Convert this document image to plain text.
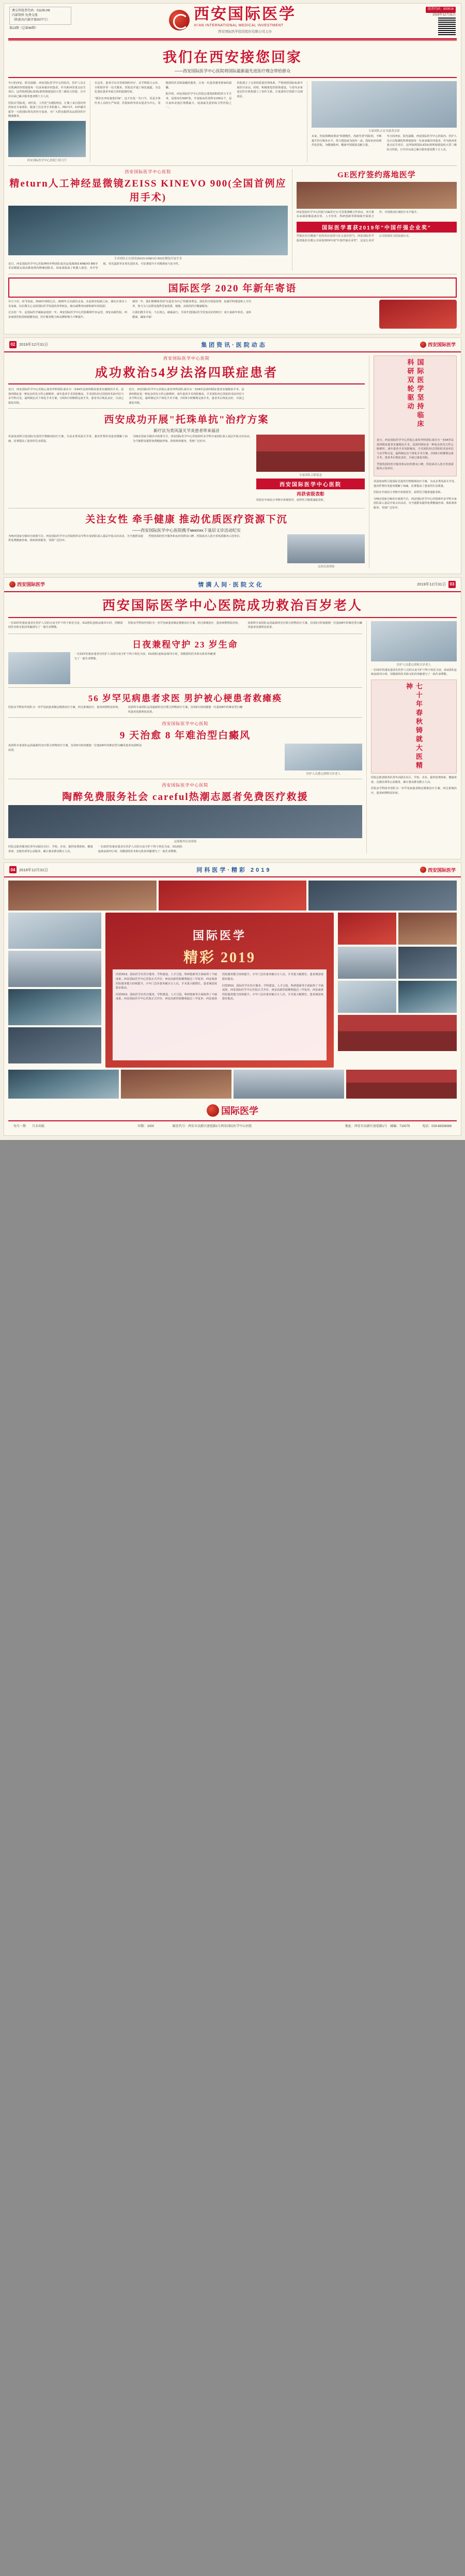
澳交所股票代码：01100.HK
内部资料 免费交流
（陕新出内准字第0077号）
第13期（总第46期）
西安国际医学
XI'AN INTERNATIONAL MEDICAL INVESTMENT
西安国际医学投资股份有限公司主办
股票代码：000516
2019年12月31日
我们在西安接您回家
——西安国际医学中心医院将国际最新最先进医疗理念带给群众

冬日的西安，阳光温暖。西安国际医学中心医院内，医护人员正以饱满的热情迎接每一位前来就诊的患者。作为陕西省重点民生项目，这所按照国际JCI标准规划建设的大型三级综合医院，自开诊以来已累计服务患者数十万人次。

医院以"国际化、现代化、人性化"为建院理念，汇聚了来自国内外的知名专家团队，配备了达芬奇手术机器人、PET-CT、3.0T磁共振等一大批国际领先的医疗设备，为广大群众提供高品质的医疗健康服务。

西安国际医学中心医院门诊大厅

在这里，患者可以享受到预约诊疗、多学科联合会诊、全程陪诊等一站式服务。医院还开通了绿色通道，为急危重症患者争取宝贵的抢救时间。

"我们在西安接您回家"，这不仅是一句口号，更是全体医务人员的庄严承诺。医院始终坚持以患者为中心，用精湛的医术和温暖的服务，让每一位患者感受到家的温馨。

据介绍，西安国际医学中心医院总建筑面积约37万平方米，设置床位5037张，开设临床医技科室100余个，是目前西北地区规模最大、设备最先进的综合性医院之一。

医院建立了完善的质量管理体系，严格按照国际标准开展医疗活动。同时，积极推进医联体建设，与省内多家基层医疗机构建立了协作关系，让优质医疗资源下沉到基层。

专家团队正在为患者会诊

未来，医院将继续秉承"厚德精医、尚新至善"的院训，不断提升医疗服务水平，努力建设成为国内一流、国际知名的现代化医院，为健康陕西、健康中国建设贡献力量。

冬日的西安，阳光温暖。西安国际医学中心医院内，医护人员正以饱满的热情迎接每一位前来就诊的患者。作为陕西省重点民生项目，这所按照国际JCI标准规划建设的大型三级综合医院，自开诊以来已累计服务患者数十万人次。

西安国际医学中心医院
精eturn人工神经显微镜ZEISS KINEVO 900(全国首例应用手术)
手术团队正在使用ZEISS KINEVO 900显微镜开展手术

近日，西安国际医学中心医院神经外科团队成功运用ZEISS KINEVO 900手术显微镜完成高难度颅内肿瘤切除术。该设备集成了机器人视觉、术中导航、荧光造影等多项先进技术，可显著提升手术精准度与安全性。

GE医疗签约落地医学

西安国际医学中心医院与GE医疗正式签署战略合作协议，双方将在高端影像设备应用、人才培养、科研创新等领域展开深度合作，共同推动区域医疗水平提升。

国际医学喜获2019年"中国仟强企业奖"

凭借在医疗健康产业的突出表现与社会责任担当，西安国际医学投资股份有限公司荣获2019年度"中国仟强企业奖"，这是行业对公司发展实力的高度认可。

国际医学 2020 年新年寄语

岁月不居，时节如流。2019年即将过去，2020年正向我们走来。在此辞旧迎新之际，谨向全体员工及家属、向长期关心支持国际医学发展的各界朋友，致以诚挚的问候和新年的祝福！

过去的一年，是国际医学砥砺奋进的一年。西安国际医学中心医院顺利开诊运营，西安高新医院、西安商洛医院持续稳健发展，医疗服务能力和品牌影响力不断提升。

新的一年，我们将继续坚持"以患者为中心"的服务理念，深化医疗质量管理，加强学科建设和人才培养，努力为人民群众提供更加优质、便捷、高效的医疗健康服务。

让我们携手并肩，不忘初心，砥砺前行，共同开创国际医学更加美好的明天！祝大家新年快乐，身体健康，阖家幸福！

02	2019年12月31日	集团资讯·医院动态	西安国际医学
西安国际医学中心医院
成功救治54岁法洛四联症患者

近日，西安国际医学中心医院心血管外科团队成功为一名54岁法洛四联症患者实施根治手术。法洛四联症是一种复杂的先天性心脏畸形，成年患者手术风险极高。手术团队经过周密的术前评估与多学科讨论，最终制定出个体化手术方案，历时6小时顺利完成手术。患者术后恢复良好，目前已康复出院。

近日，西安国际医学中心医院心血管外科团队成功为一名54岁法洛四联症患者实施根治手术。法洛四联症是一种复杂的先天性心脏畸形，成年患者手术风险极高。手术团队经过周密的术前评估与多学科讨论，最终制定出个体化手术方案，历时6小时顺利完成手术。患者术后恢复良好，目前已康复出院。

西安成功开展"托珠单抗"治疗方案
新疗法为类风湿关节炎患者带来福音

风湿免疫科引进国际先进的生物制剂治疗方案，为众多类风湿关节炎、强直性脊柱炎患者缓解了病痛，显著提高了患者的生活质量。

为响应国家分级诊疗政策号召，西安国际医学中心医院组织多学科专家团队深入基层开展义诊活动，为当地群众提供免费健康咨询、体检筛查服务，受到广泛好评。

专家团队合影留念
西安国际医学中心医院
再获省级表彰

医院在年度综合考核中表现优异，获得省卫健委通报表彰。

关注女性 牵手健康 推动优质医疗资源下沉
——西安国际医学中心医院携手многих下基层义诊活动纪实

为响应国家分级诊疗政策号召，西安国际医学中心医院组织多学科专家团队深入基层开展义诊活动，为当地群众提供免费健康咨询、体检筛查服务，受到广泛好评。

凭借优质的医疗服务和良好的群众口碑，医院成功入选全省优质服务示范单位。

义诊活动现场
国际医学坚持临床科研双轮驱动

近日，西安国际医学中心医院心血管外科团队成功为一名54岁法洛四联症患者实施根治手术。法洛四联症是一种复杂的先天性心脏畸形，成年患者手术风险极高。手术团队经过周密的术前评估与多学科讨论，最终制定出个体化手术方案，历时6小时顺利完成手术。患者术后恢复良好，目前已康复出院。

凭借优质的医疗服务和良好的群众口碑，医院成功入选全省优质服务示范单位。

风湿免疫科引进国际先进的生物制剂治疗方案，为众多类风湿关节炎、强直性脊柱炎患者缓解了病痛，显著提高了患者的生活质量。

医院在年度综合考核中表现优异，获得省卫健委通报表彰。

为响应国家分级诊疗政策号召，西安国际医学中心医院组织多学科专家团队深入基层开展义诊活动，为当地群众提供免费健康咨询、体检筛查服务，受到广泛好评。

西安国际医学	情满人间·医院文化	2019年12月31日 03
西安国际医学中心医院成功救治百岁老人

一位23岁的重症患者在医护人员的日夜守护下终于转危为安，ICU团队连续奋战72小时，用精湛的医术和无私的奉献谱写了一曲生命赞歌。

医院多学科协作团队为一名罕见病患者制定精准治疗方案，经过系统治疗，患者病情明显好转。	皮肤科专家团队运用最新的光疗联合药物治疗方案，仅用9天时间便使一位患病8年的难治型白癜风患者皮损明显改善。

日夜兼程守护 23 岁生命

一位23岁的重症患者在医护人员的日夜守护下终于转危为安，ICU团队连续奋战72小时，用精湛的医术和无私的奉献谱写了一曲生命赞歌。

56 岁罕见病患者求医 男护被心梗患者救瘫痪

医院多学科协作团队为一名罕见病患者制定精准治疗方案，经过系统治疗，患者病情明显好转。	皮肤科专家团队运用最新的光疗联合药物治疗方案，仅用9天时间便使一位患病8年的难治型白癜风患者皮损明显改善。

西安国际医学中心医院
9 天治愈 8 年难治型白癜风

皮肤科专家团队运用最新的光疗联合药物治疗方案，仅用9天时间便使一位患病8年的难治型白癜风患者皮损明显改善。

医护人员悉心照料百岁老人
西安国际医学中心医院
陶醉免费服务社会 careful热潮志愿者免费医疗救援
志愿服务活动现场

医院志愿者服务队常年活跃在社区、学校、企业，提供免费体检、健康讲座、急救培训等公益服务，累计惠及群众数万人次。

一位23岁的重症患者在医护人员的日夜守护下终于转危为安，ICU团队连续奋战72小时，用精湛的医术和无私的奉献谱写了一曲生命赞歌。

医护人员悉心照料百岁老人

一位23岁的重症患者在医护人员的日夜守护下终于转危为安，ICU团队连续奋战72小时，用精湛的医术和无私的奉献谱写了一曲生命赞歌。

七十年春秋铸就大医精神

医院志愿者服务队常年活跃在社区、学校、企业，提供免费体检、健康讲座、急救培训等公益服务，累计惠及群众数万人次。

医院多学科协作团队为一名罕见病患者制定精准治疗方案，经过系统治疗，患者病情明显好转。

04	2019年12月31日	同科医学·精彩 2019	西安国际医学
国际医学
精彩 2019

回望2019，国际医学在医疗服务、学科建设、人才引进、科研创新等方面取得了丰硕成果。西安国际医学中心医院正式开诊，西安高新医院顺利通过三甲复审，西安商洛医院服务能力持续提升。全年门急诊量突破百万人次，手术量大幅增长，患者满意度稳步提高。

回望2019，国际医学在医疗服务、学科建设、人才引进、科研创新等方面取得了丰硕成果。西安国际医学中心医院正式开诊，西安高新医院顺利通过三甲复审，西安商洛医院服务能力持续提升。全年门急诊量突破百万人次，手术量大幅增长，患者满意度稳步提高。

回望2019，国际医学在医疗服务、学科建设、人才引进、科研创新等方面取得了丰硕成果。西安国际医学中心医院正式开诊，西安高新医院顺利通过三甲复审，西安商洛医院服务能力持续提升。全年门急诊量突破百万人次，手术量大幅增长，患者满意度稳步提高。

国际医学
每月一期　　月末出版	印数：1000　　　　　　邮发代号：西安市高新区唐延路1号西安国际医学中心医院	地址：西安市高新区唐延路1号　邮编：710075　　　　电话：029-88336088
